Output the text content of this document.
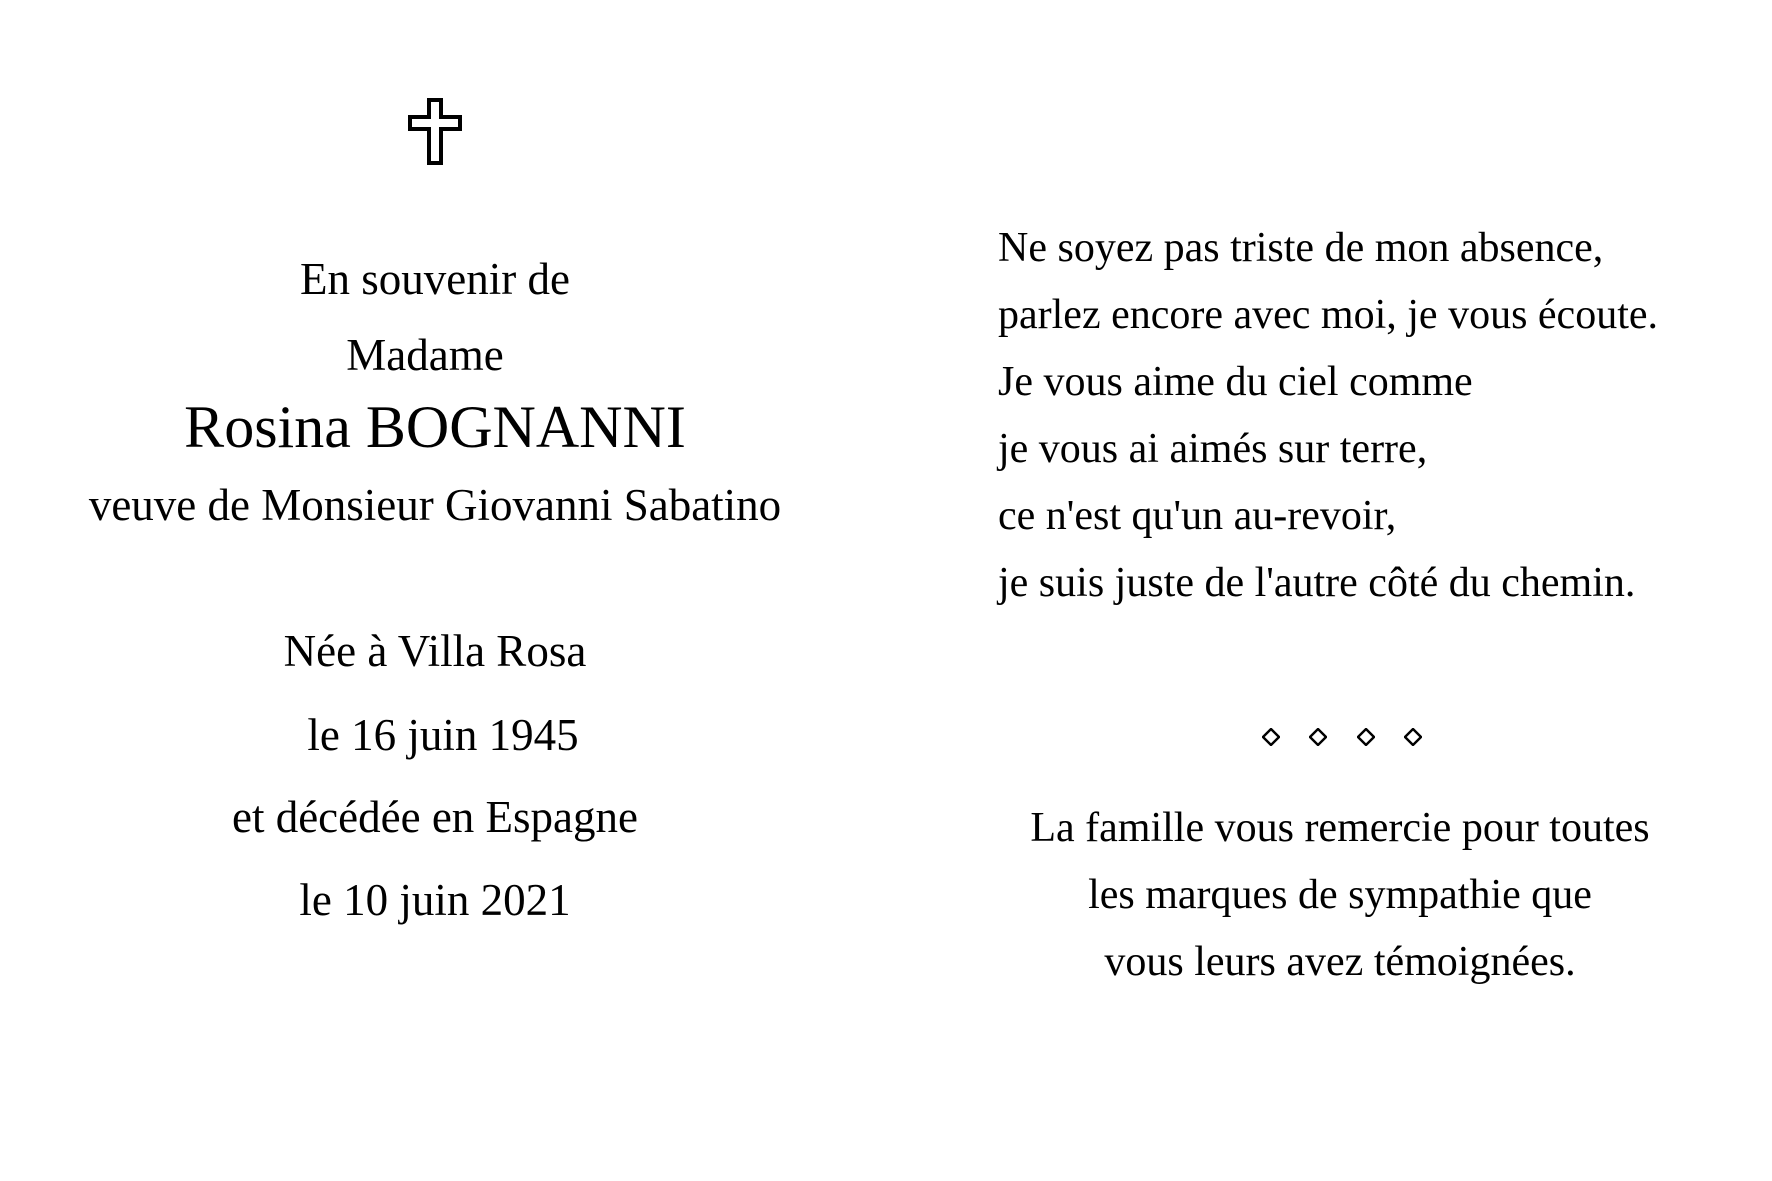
En souvenir de
Madame
Rosina BOGNANNI
veuve de Monsieur Giovanni Sabatino
Née à Villa Rosa
le 16 juin 1945
et décédée en Espagne
le 10 juin 2021
Ne soyez pas triste de mon absence,
parlez encore avec moi, je vous écoute.
Je vous aime du ciel comme
je vous ai aimés sur terre,
ce n'est qu'un au-revoir,
je suis juste de l'autre côté du chemin.
La famille vous remercie pour toutes
les marques de sympathie que
vous leurs avez témoignées.
